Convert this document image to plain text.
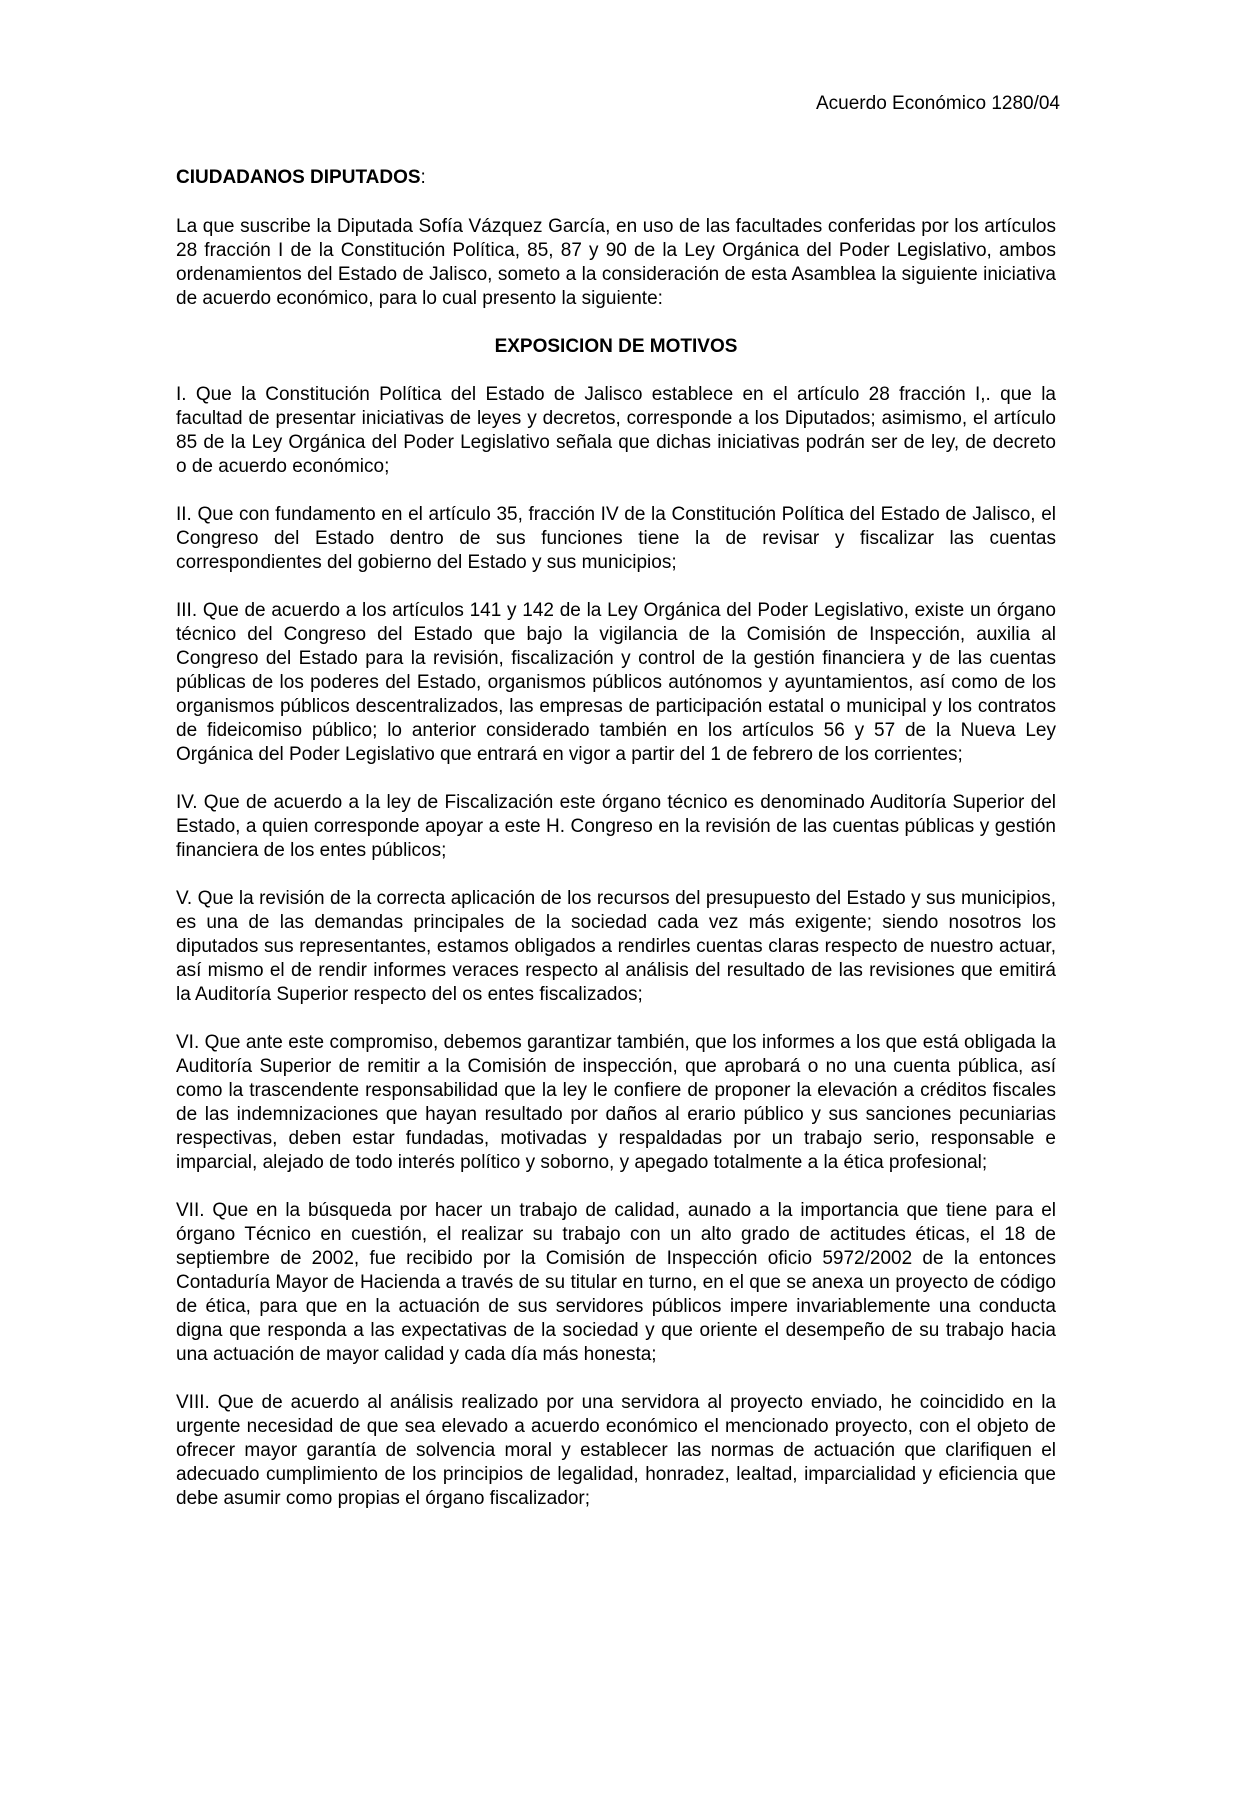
Acuerdo Económico 1280/04

CIUDADANOS DIPUTADOS:

La que suscribe la Diputada Sofía Vázquez García, en uso de las facultades conferidas por los artículos 28 fracción I de la Constitución Política, 85, 87 y 90 de la Ley Orgánica del Poder Legislativo, ambos ordenamientos del Estado de Jalisco, someto a la consideración de esta Asamblea la siguiente iniciativa de acuerdo económico, para lo cual presento la siguiente:

EXPOSICION DE MOTIVOS

I. Que la Constitución Política del Estado de Jalisco establece en el artículo 28 fracción I,. que la facultad de presentar iniciativas de leyes y decretos, corresponde a los Diputados; asimismo, el artículo 85 de la Ley Orgánica del Poder Legislativo señala que dichas iniciativas podrán ser de ley, de decreto o de acuerdo económico;

II. Que con fundamento en el artículo 35, fracción IV de la Constitución Política del Estado de Jalisco, el Congreso del Estado dentro de sus funciones tiene la de revisar y fiscalizar las cuentas correspondientes del gobierno del Estado y sus municipios;

III. Que de acuerdo a los artículos 141 y 142 de la Ley Orgánica del Poder Legislativo, existe un órgano técnico del Congreso del Estado que bajo la vigilancia de la Comisión de Inspección, auxilia al Congreso del Estado para la revisión, fiscalización y control de la gestión financiera y de las cuentas públicas de los poderes del Estado, organismos públicos autónomos y ayuntamientos, así como de los organismos públicos descentralizados, las empresas de participación estatal o municipal y los contratos de fideicomiso público; lo anterior considerado también en los artículos 56 y 57 de la Nueva Ley Orgánica del Poder Legislativo que entrará en vigor a partir del 1 de febrero de los corrientes;

IV. Que de acuerdo a la ley de Fiscalización este órgano técnico es denominado Auditoría Superior del Estado, a quien corresponde apoyar a este H. Congreso en la revisión de las cuentas públicas y gestión financiera de los entes públicos;

V. Que la revisión de la correcta aplicación de los recursos del presupuesto del Estado y sus municipios, es una de las demandas principales de la sociedad cada vez más exigente; siendo nosotros los diputados sus representantes, estamos obligados a rendirles cuentas claras respecto de nuestro actuar, así mismo el de rendir informes veraces respecto al análisis del resultado de las revisiones que emitirá la Auditoría Superior respecto del os entes fiscalizados;

VI. Que ante este compromiso, debemos garantizar también, que los informes a los que está obligada la Auditoría Superior de remitir a la Comisión de inspección, que aprobará o no una cuenta pública, así como la trascendente responsabilidad que la ley le confiere de proponer la elevación a créditos fiscales de las indemnizaciones que hayan resultado por daños al erario público y sus sanciones pecuniarias respectivas, deben estar fundadas, motivadas y respaldadas por un trabajo serio, responsable e imparcial, alejado de todo interés político y soborno, y apegado totalmente a la ética profesional;

VII. Que en la búsqueda por hacer un trabajo de calidad, aunado a la importancia que tiene para el órgano Técnico en cuestión, el realizar su trabajo con un alto grado de actitudes éticas, el 18 de septiembre de 2002, fue recibido por la Comisión de Inspección oficio 5972/2002 de la entonces Contaduría Mayor de Hacienda a través de su titular en turno, en el que se anexa un proyecto de código de ética, para que en la actuación de sus servidores públicos impere invariablemente una conducta digna que responda a las expectativas de la sociedad y que oriente el desempeño de su trabajo hacia una actuación de mayor calidad y cada día más honesta;

VIII. Que de acuerdo al análisis realizado por una servidora al proyecto enviado, he coincidido en la urgente necesidad de que sea elevado a acuerdo económico el mencionado proyecto, con el objeto de ofrecer mayor garantía de solvencia moral y establecer las normas de actuación que clarifiquen el adecuado cumplimiento de los principios de legalidad, honradez, lealtad, imparcialidad y eficiencia que debe asumir como propias el órgano fiscalizador;
